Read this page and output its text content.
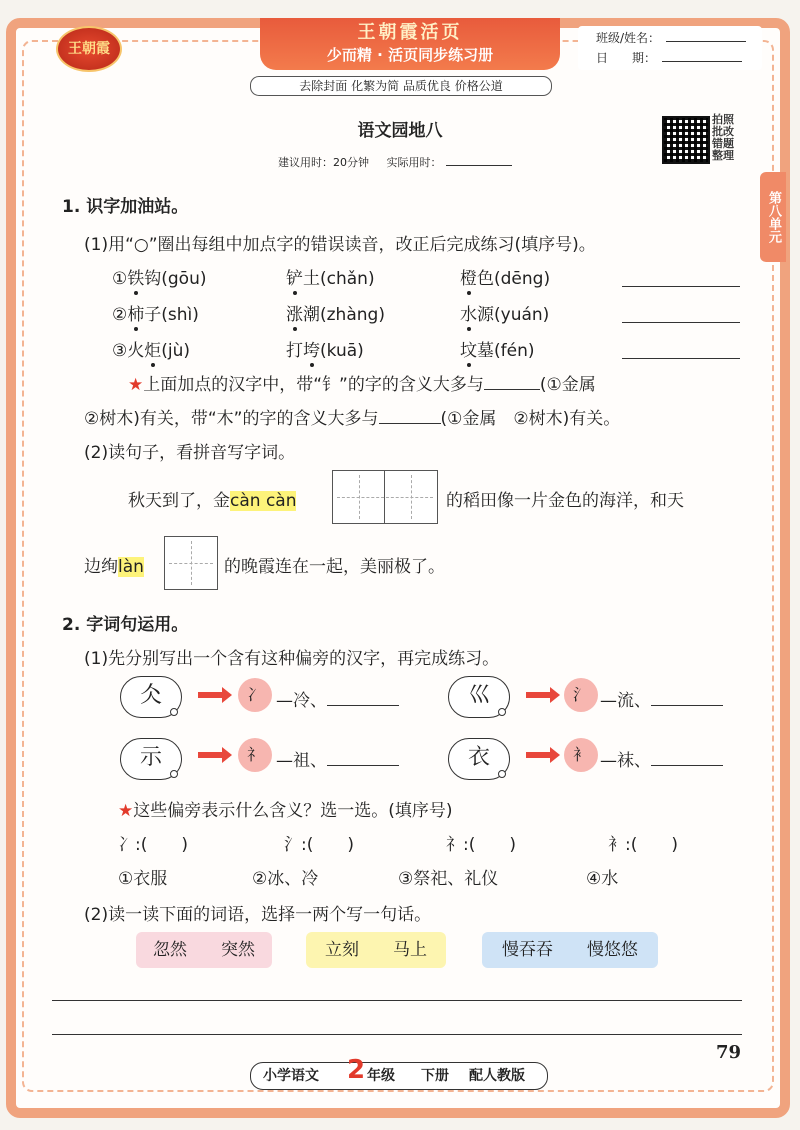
王朝霞
王朝霞活页
少而精 · 活页同步练习册
去除封面 化繁为简 品质优良 价格公道
班级/姓名：
日　　期：
语文园地八
建议用时：20分钟 实际用时：
拍照批改
错题整理
第八单元
1. 识字加油站。
(1)用“○”圈出每组中加点字的错误读音，改正后完成练习(填序号)。
①铁钩(gōu)	铲土(chǎn)	橙色(dēng)
②柿子(shì)	涨潮(zhàng)	水源(yuán)
③火炬(jù)	打垮(kuā)	坟墓(fén)
★上面加点的汉字中，带“钅”的字的含义大多与	(①金属
②树木)有关，带“木”的字的含义大多与	(①金属　②树木)有关。
(2)读句子，看拼音写字词。
秋天到了，金càn càn	的稻田像一片金色的海洋，和天
边绚làn	的晚霞连在一起，美丽极了。
2. 字词句运用。
(1)先分别写出一个含有这种偏旁的汉字，再完成练习。
仌	冫 —冷、	巛	氵 —流、
示	礻 —祖、	衣	衤 —袜、
★这些偏旁表示什么含义？选一选。(填序号)
冫:(　　)	氵:(　　)	礻:(　　)	衤:(　　)
①衣服	②冰、冷	③祭祀、礼仪	④水
(2)读一读下面的词语，选择一两个写一句话。
忽然　　突然	立刻　　马上	慢吞吞　　慢悠悠
79
小学语文 2 年级 下册 配人教版
